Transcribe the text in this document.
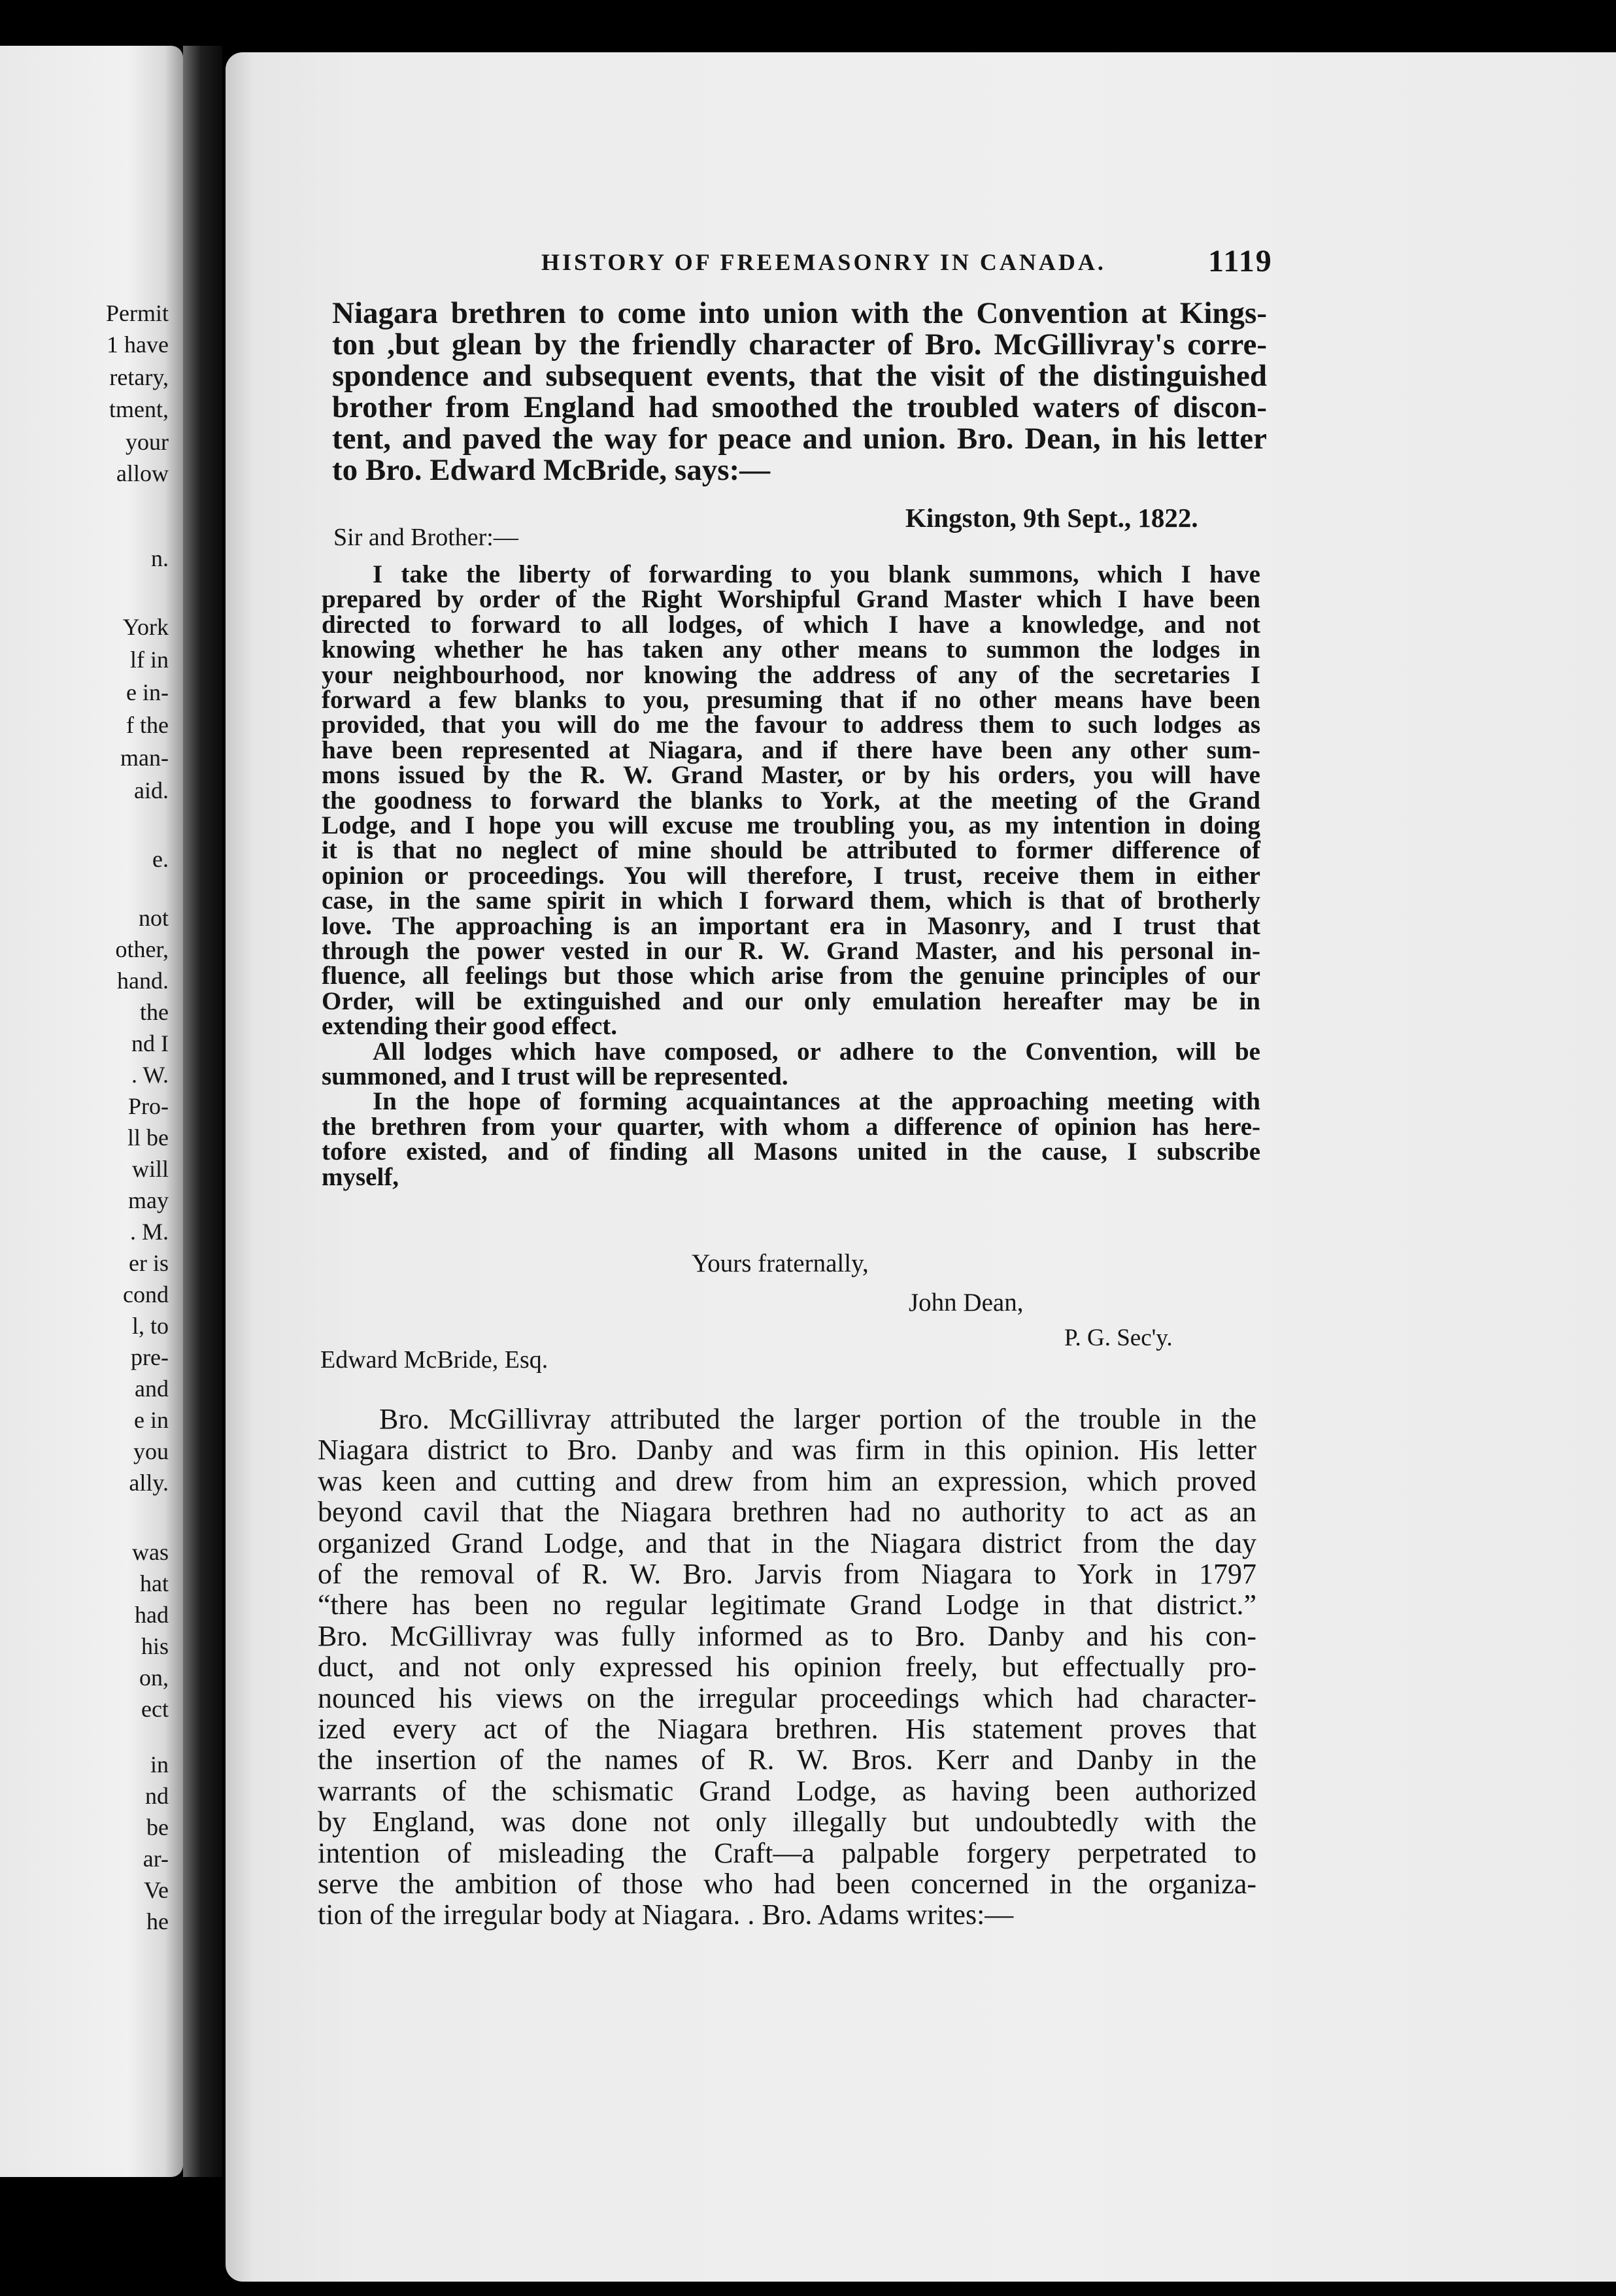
Permit
1 have
retary,
tment,
your
allow
n.
York
lf in
e in-
f the
man-
aid.
e.
not
other,
hand.
the
nd I
. W.
Pro-
ll be
will
may
. M.
er is
cond
l, to
pre-
and
e in
you
ally.
was
hat
had
his
on,
ect
in
nd
be
ar-
Ve
he
HISTORY OF FREEMASONRY IN CANADA.	1119
Niagara brethren to come into union with the Convention at Kings-
ton ,but glean by the friendly character of Bro. McGillivray's corre-
spondence and subsequent events, that the visit of the distinguished
brother from England had smoothed the troubled waters of discon-
tent, and paved the way for peace and union. Bro. Dean, in his letter
to Bro. Edward McBride, says:—
Kingston, 9th Sept., 1822.
Sir and Brother:—
I take the liberty of forwarding to you blank summons, which I have
prepared by order of the Right Worshipful Grand Master which I have been
directed to forward to all lodges, of which I have a knowledge, and not
knowing whether he has taken any other means to summon the lodges in
your neighbourhood, nor knowing the address of any of the secretaries I
forward a few blanks to you, presuming that if no other means have been
provided, that you will do me the favour to address them to such lodges as
have been represented at Niagara, and if there have been any other sum-
mons issued by the R. W. Grand Master, or by his orders, you will have
the goodness to forward the blanks to York, at the meeting of the Grand
Lodge, and I hope you will excuse me troubling you, as my intention in doing
it is that no neglect of mine should be attributed to former difference of
opinion or proceedings. You will therefore, I trust, receive them in either
case, in the same spirit in which I forward them, which is that of brotherly
love. The approaching is an important era in Masonry, and I trust that
through the power vested in our R. W. Grand Master, and his personal in-
fluence, all feelings but those which arise from the genuine principles of our
Order, will be extinguished and our only emulation hereafter may be in
extending their good effect.
All lodges which have composed, or adhere to the Convention, will be
summoned, and I trust will be represented.
In the hope of forming acquaintances at the approaching meeting with
the brethren from your quarter, with whom a difference of opinion has here-
tofore existed, and of finding all Masons united in the cause, I subscribe
myself,
Yours fraternally,
John Dean,
P. G. Sec'y.
Edward McBride, Esq.
Bro. McGillivray attributed the larger portion of the trouble in the
Niagara district to Bro. Danby and was firm in this opinion. His letter
was keen and cutting and drew from him an expression, which proved
beyond cavil that the Niagara brethren had no authority to act as an
organized Grand Lodge, and that in the Niagara district from the day
of the removal of R. W. Bro. Jarvis from Niagara to York in 1797
“there has been no regular legitimate Grand Lodge in that district.”
Bro. McGillivray was fully informed as to Bro. Danby and his con-
duct, and not only expressed his opinion freely, but effectually pro-
nounced his views on the irregular proceedings which had character-
ized every act of the Niagara brethren. His statement proves that
the insertion of the names of R. W. Bros. Kerr and Danby in the
warrants of the schismatic Grand Lodge, as having been authorized
by England, was done not only illegally but undoubtedly with the
intention of misleading the Craft—a palpable forgery perpetrated to
serve the ambition of those who had been concerned in the organiza-
tion of the irregular body at Niagara. . Bro. Adams writes:—
